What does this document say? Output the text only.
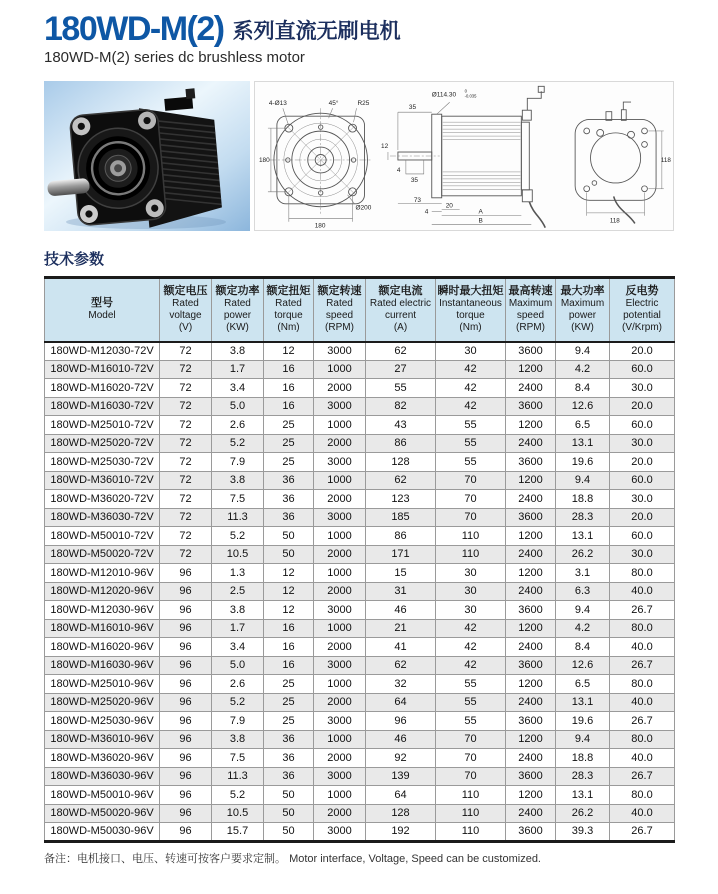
180WD-M(2) 系列直流无刷电机
180WD-M(2) series dc brushless motor
4-Ø13	45°	R25
180
Ø200
180
Ø114.30
0
-0.035
35
12
4
35
73
4
20
A
B
118
118
技术参数
型号
Model	额定电压
Rated voltage
(V)	额定功率
Rated power
(KW)	额定扭矩
Rated torque
(Nm)	额定转速
Rated speed
(RPM)	额定电流
Rated electric current
(A)	瞬时最大扭矩
Instantaneous torque
(Nm)	最高转速
Maximum speed
(RPM)	最大功率
Maximum power
(KW)	反电势
Electric potential
(V/Krpm)

180WD-M12030-72V	72	3.8	12	3000	62	30	3600	9.4	20.0
180WD-M16010-72V	72	1.7	16	1000	27	42	1200	4.2	60.0
180WD-M16020-72V	72	3.4	16	2000	55	42	2400	8.4	30.0
180WD-M16030-72V	72	5.0	16	3000	82	42	3600	12.6	20.0
180WD-M25010-72V	72	2.6	25	1000	43	55	1200	6.5	60.0
180WD-M25020-72V	72	5.2	25	2000	86	55	2400	13.1	30.0
180WD-M25030-72V	72	7.9	25	3000	128	55	3600	19.6	20.0
180WD-M36010-72V	72	3.8	36	1000	62	70	1200	9.4	60.0
180WD-M36020-72V	72	7.5	36	2000	123	70	2400	18.8	30.0
180WD-M36030-72V	72	11.3	36	3000	185	70	3600	28.3	20.0
180WD-M50010-72V	72	5.2	50	1000	86	110	1200	13.1	60.0
180WD-M50020-72V	72	10.5	50	2000	171	110	2400	26.2	30.0
180WD-M12010-96V	96	1.3	12	1000	15	30	1200	3.1	80.0
180WD-M12020-96V	96	2.5	12	2000	31	30	2400	6.3	40.0
180WD-M12030-96V	96	3.8	12	3000	46	30	3600	9.4	26.7
180WD-M16010-96V	96	1.7	16	1000	21	42	1200	4.2	80.0
180WD-M16020-96V	96	3.4	16	2000	41	42	2400	8.4	40.0
180WD-M16030-96V	96	5.0	16	3000	62	42	3600	12.6	26.7
180WD-M25010-96V	96	2.6	25	1000	32	55	1200	6.5	80.0
180WD-M25020-96V	96	5.2	25	2000	64	55	2400	13.1	40.0
180WD-M25030-96V	96	7.9	25	3000	96	55	3600	19.6	26.7
180WD-M36010-96V	96	3.8	36	1000	46	70	1200	9.4	80.0
180WD-M36020-96V	96	7.5	36	2000	92	70	2400	18.8	40.0
180WD-M36030-96V	96	11.3	36	3000	139	70	3600	28.3	26.7
180WD-M50010-96V	96	5.2	50	1000	64	110	1200	13.1	80.0
180WD-M50020-96V	96	10.5	50	2000	128	110	2400	26.2	40.0
180WD-M50030-96V	96	15.7	50	3000	192	110	3600	39.3	26.7
备注：电机接口、电压、转速可按客户要求定制。 Motor interface, Voltage, Speed can be customized.
